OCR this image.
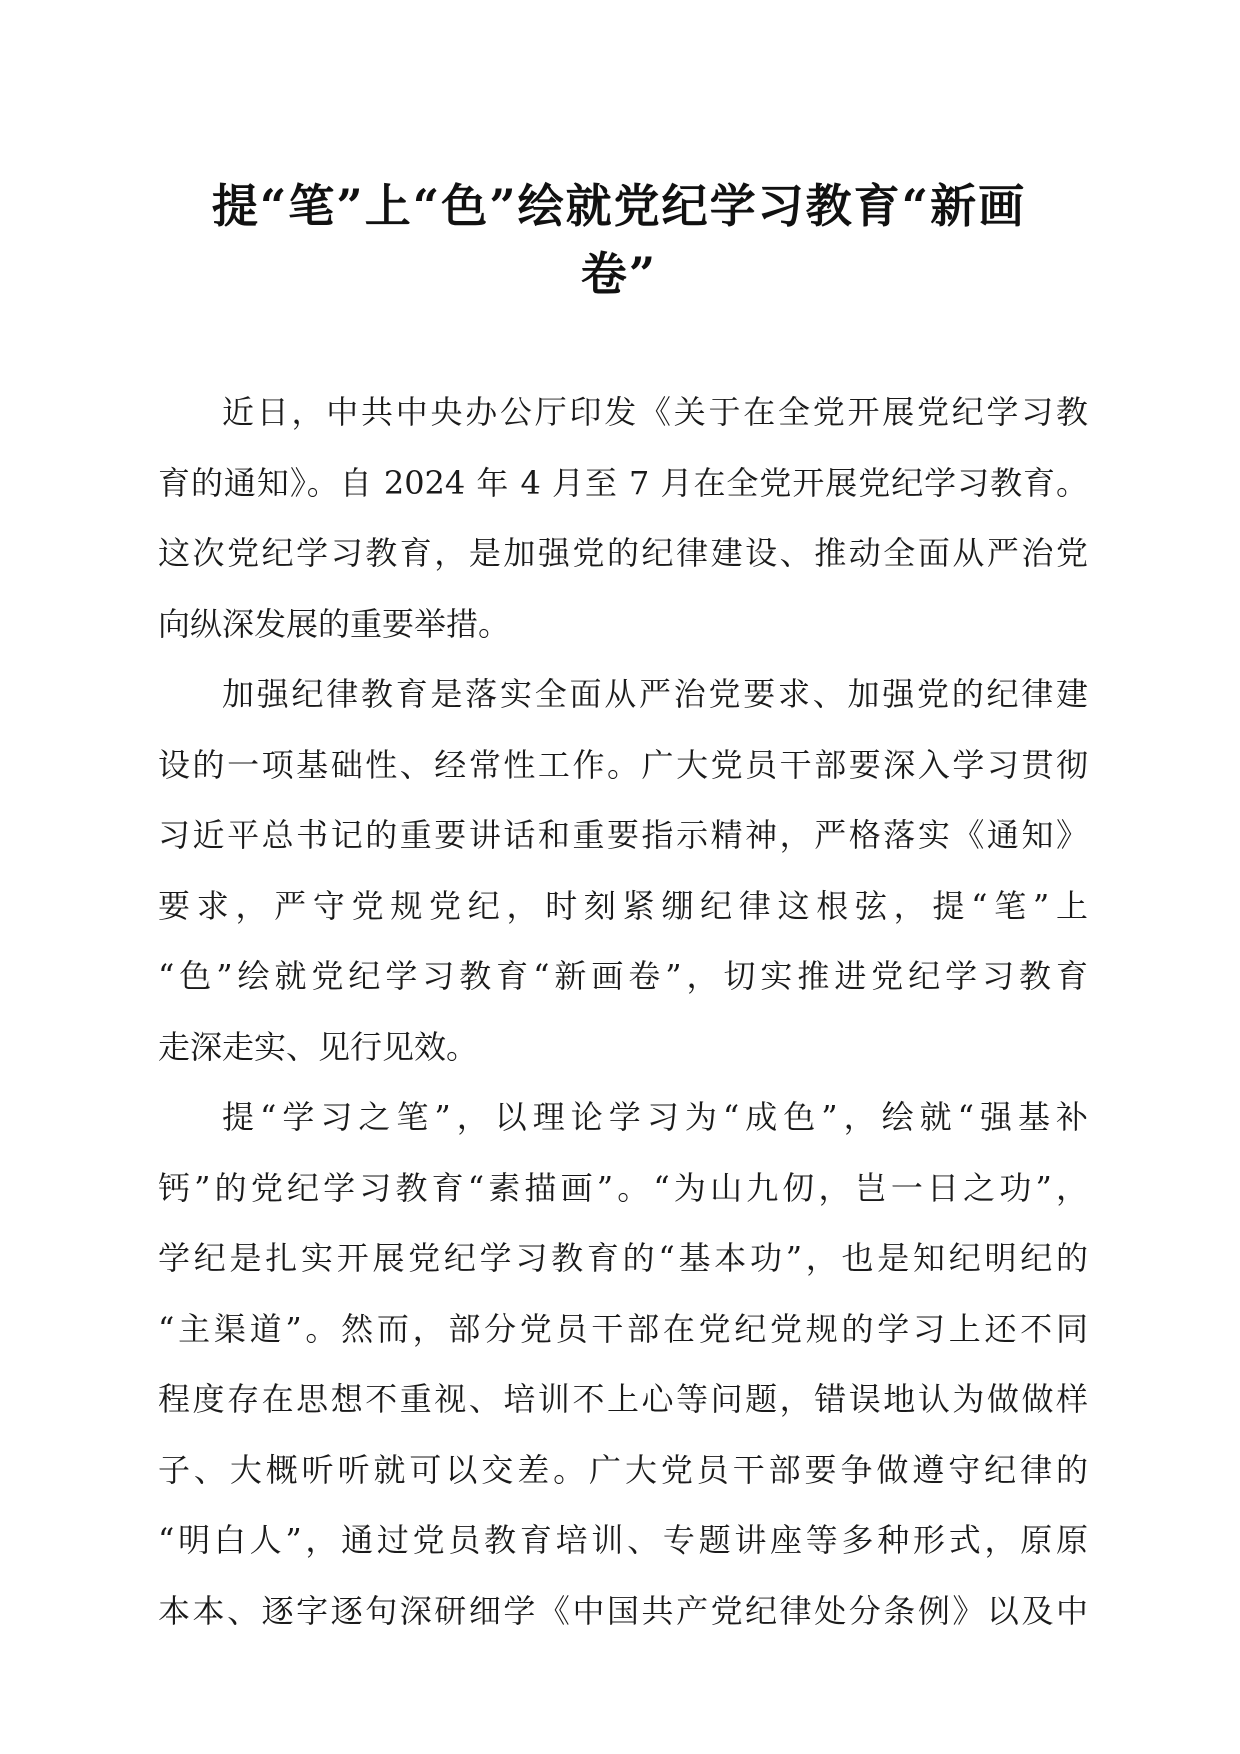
提“笔”上“色”绘就党纪学习教育“新画
卷”
近日，中共中央办公厅印发《关于在全党开展党纪学习教
育的通知》。自 2024 年 4 月至 7 月在全党开展党纪学习教育。
这次党纪学习教育，是加强党的纪律建设、推动全面从严治党
向纵深发展的重要举措。
加强纪律教育是落实全面从严治党要求、加强党的纪律建
设的一项基础性、经常性工作。广大党员干部要深入学习贯彻
习近平总书记的重要讲话和重要指示精神，严格落实《通知》
要求，严守党规党纪，时刻紧绷纪律这根弦，提“笔”上
“色”绘就党纪学习教育“新画卷”，切实推进党纪学习教育
走深走实、见行见效。
提“学习之笔”，以理论学习为“成色”，绘就“强基补
钙”的党纪学习教育“素描画”。“为山九仞，岂一日之功”，
学纪是扎实开展党纪学习教育的“基本功”，也是知纪明纪的
“主渠道”。然而，部分党员干部在党纪党规的学习上还不同
程度存在思想不重视、培训不上心等问题，错误地认为做做样
子、大概听听就可以交差。广大党员干部要争做遵守纪律的
“明白人”，通过党员教育培训、专题讲座等多种形式，原原
本本、逐字逐句深研细学《中国共产党纪律处分条例》以及中
